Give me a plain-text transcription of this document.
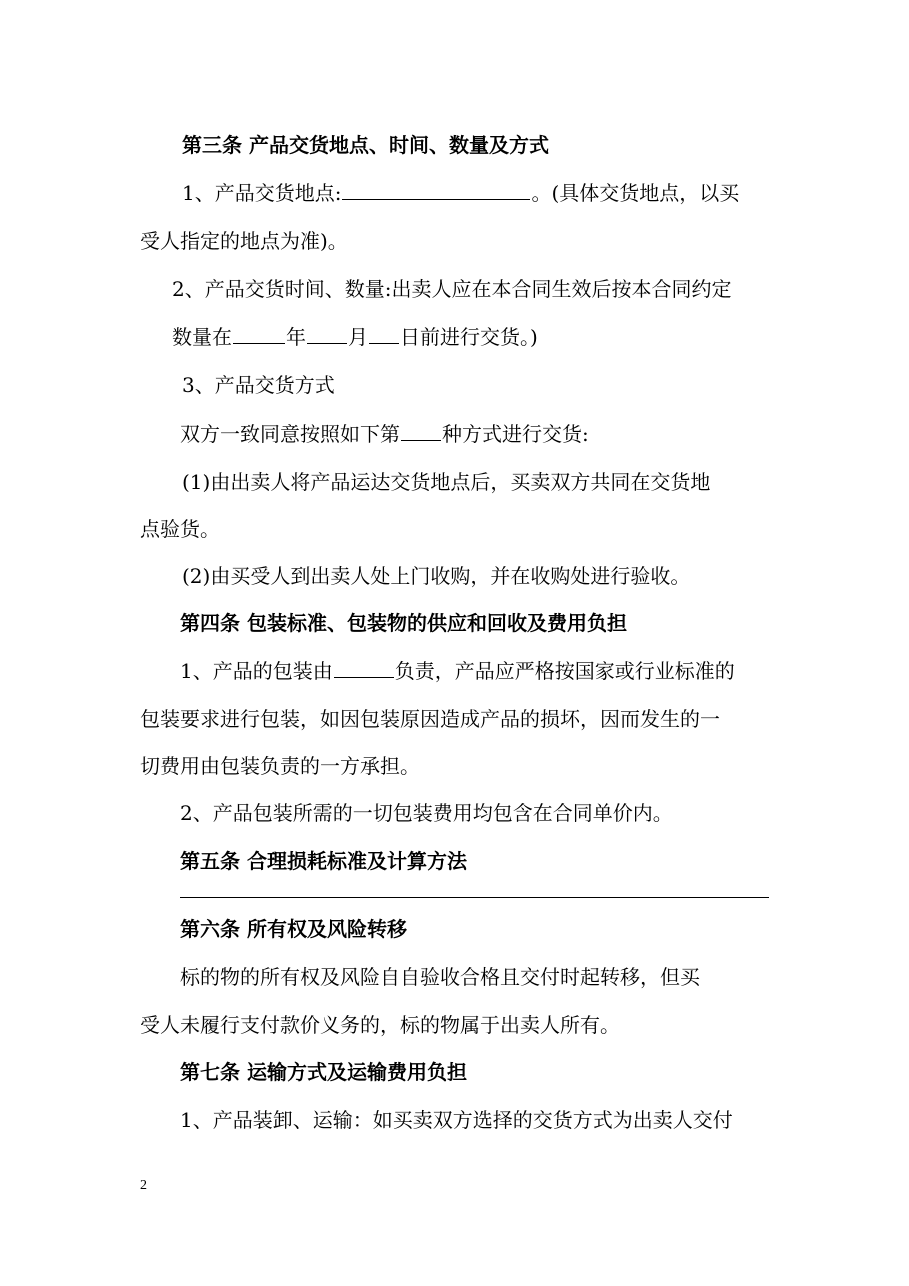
第三条 产品交货地点、时间、数量及方式
1、产品交货地点:	。(具体交货地点，以买
受人指定的地点为准)。
2、产品交货时间、数量:出卖人应在本合同生效后按本合同约定
数量在	年 月 日前进行交货。)
3、产品交货方式
双方一致同意按照如下第 种方式进行交货:
(1)由出卖人将产品运达交货地点后，买卖双方共同在交货地
点验货。
(2)由买受人到出卖人处上门收购，并在收购处进行验收。
第四条 包装标准、包装物的供应和回收及费用负担
1、产品的包装由	负责，产品应严格按国家或行业标准的
包装要求进行包装，如因包装原因造成产品的损坏，因而发生的一
切费用由包装负责的一方承担。
2、产品包装所需的一切包装费用均包含在合同单价内。
第五条 合理损耗标准及计算方法
第六条 所有权及风险转移
标的物的所有权及风险自自验收合格且交付时起转移，但买
受人未履行支付款价义务的，标的物属于出卖人所有。
第七条 运输方式及运输费用负担
1、产品装卸、运输：如买卖双方选择的交货方式为出卖人交付
2
